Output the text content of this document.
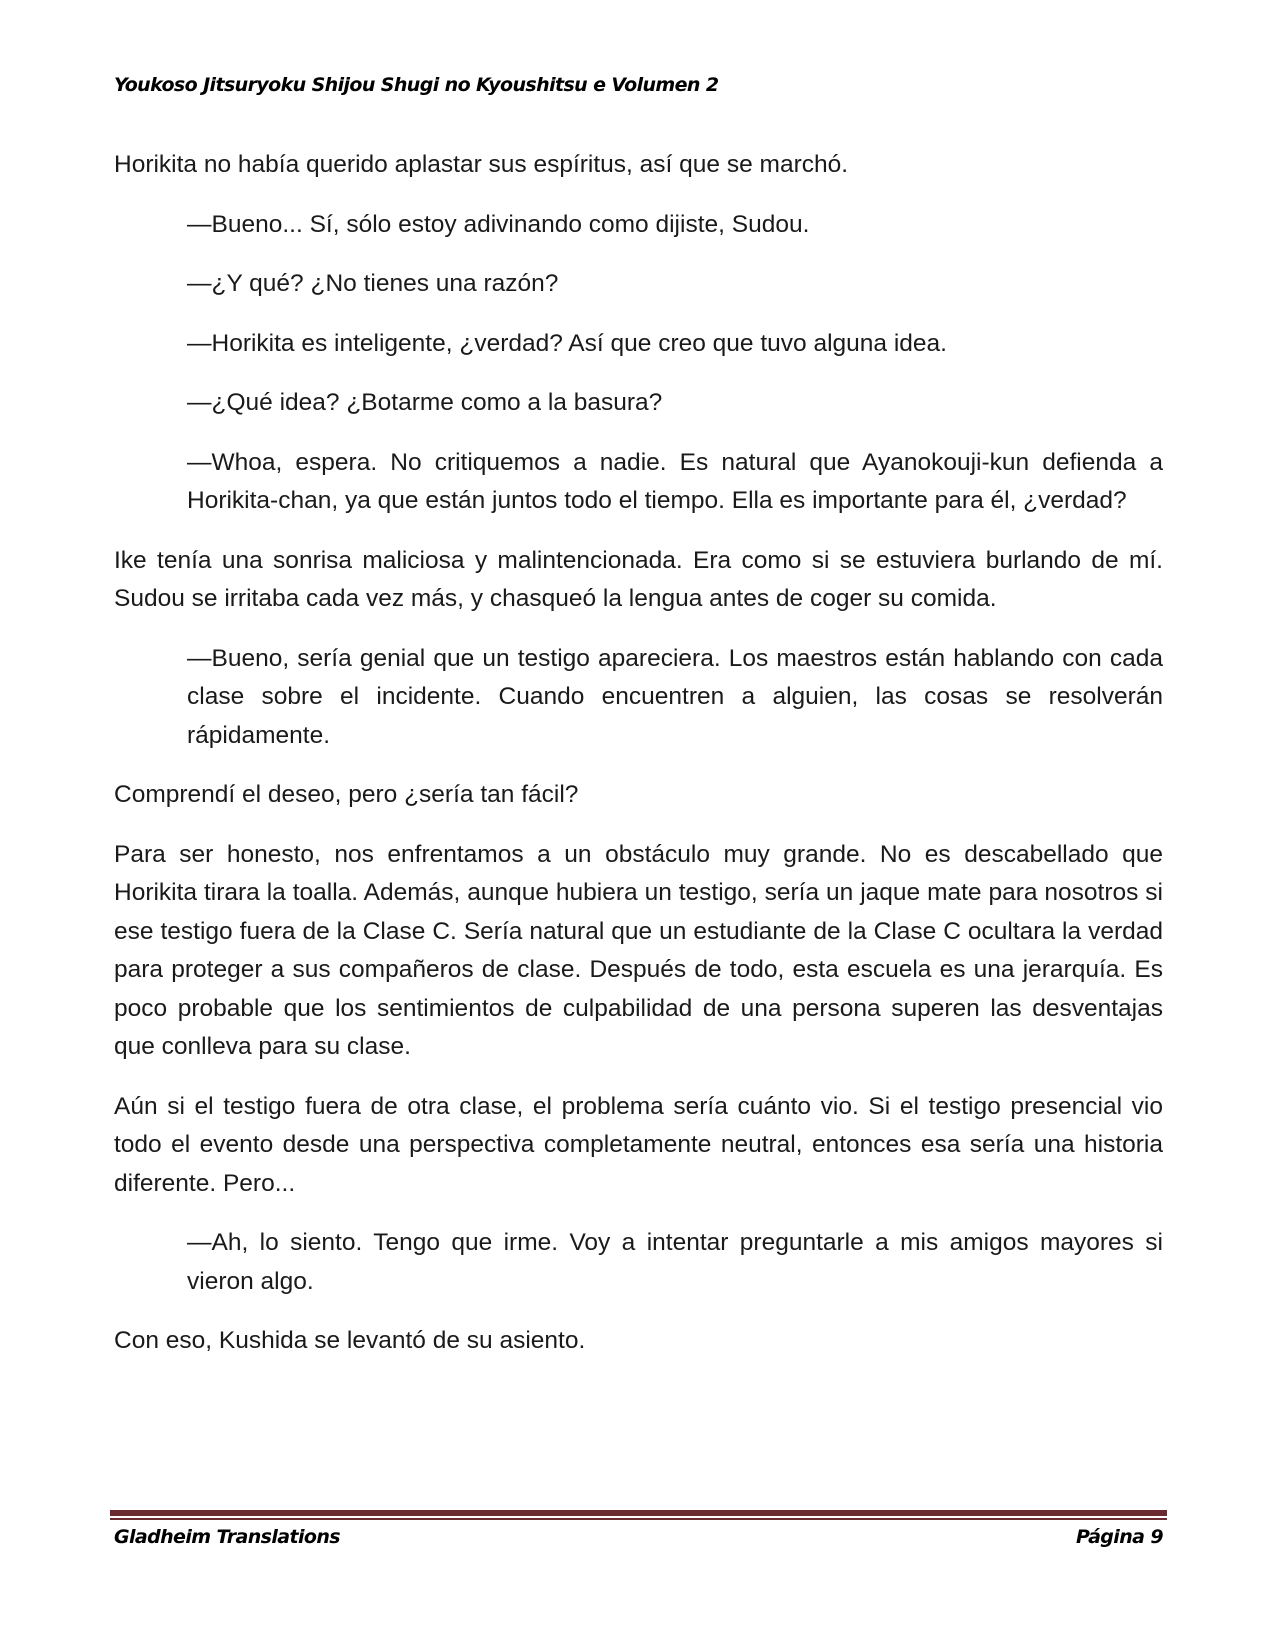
Youkoso Jitsuryoku Shijou Shugi no Kyoushitsu e Volumen 2

Horikita no había querido aplastar sus espíritus, así que se marchó.

—Bueno... Sí, sólo estoy adivinando como dijiste, Sudou.

—¿Y qué? ¿No tienes una razón?

—Horikita es inteligente, ¿verdad? Así que creo que tuvo alguna idea.

—¿Qué idea? ¿Botarme como a la basura?

—Whoa, espera. No critiquemos a nadie. Es natural que Ayanokouji-kun defienda a Horikita-chan, ya que están juntos todo el tiempo. Ella es importante para él, ¿verdad?

Ike tenía una sonrisa maliciosa y malintencionada. Era como si se estuviera burlando de mí. Sudou se irritaba cada vez más, y chasqueó la lengua antes de coger su comida.

—Bueno, sería genial que un testigo apareciera. Los maestros están hablando con cada clase sobre el incidente. Cuando encuentren a alguien, las cosas se resolverán rápidamente.

Comprendí el deseo, pero ¿sería tan fácil?

Para ser honesto, nos enfrentamos a un obstáculo muy grande. No es descabellado que Horikita tirara la toalla. Además, aunque hubiera un testigo, sería un jaque mate para nosotros si ese testigo fuera de la Clase C. Sería natural que un estudiante de la Clase C ocultara la verdad para proteger a sus compañeros de clase. Después de todo, esta escuela es una jerarquía. Es poco probable que los sentimientos de culpabilidad de una persona superen las desventajas que conlleva para su clase.

Aún si el testigo fuera de otra clase, el problema sería cuánto vio. Si el testigo presencial vio todo el evento desde una perspectiva completamente neutral, entonces esa sería una historia diferente. Pero...

—Ah, lo siento. Tengo que irme. Voy a intentar preguntarle a mis amigos mayores si vieron algo.

Con eso, Kushida se levantó de su asiento.

Gladheim Translations	Página 9
